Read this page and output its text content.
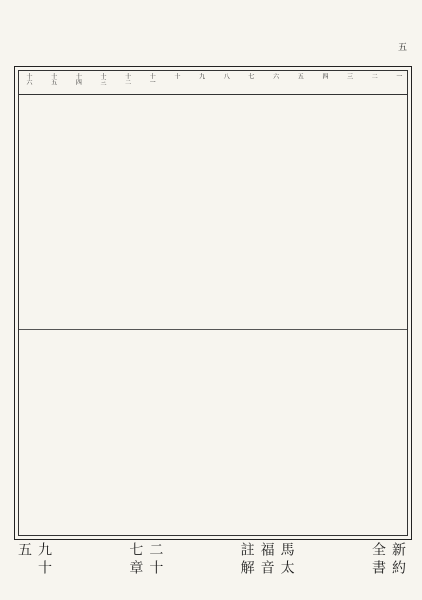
五
一
二
三
四
五
六
七
八
九
十
十一
十二
十三
十四
十五
十六
新約全書
馬太福音註解
二十七章
九十五
